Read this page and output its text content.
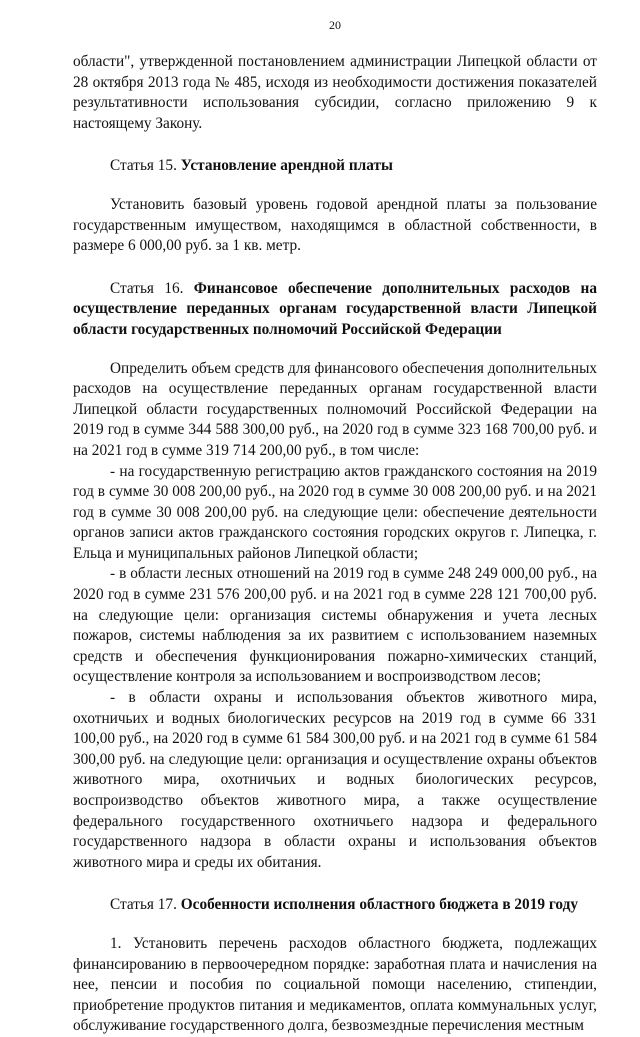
20

области", утвержденной постановлением администрации Липецкой области от 28 октября 2013 года № 485, исходя из необходимости достижения показателей результативности использования субсидии, согласно приложению 9 к настоящему Закону.

Статья 15. Установление арендной платы

Установить базовый уровень годовой арендной платы за пользование государственным имуществом, находящимся в областной собственности, в размере 6 000,00 руб. за 1 кв. метр.

Статья 16. Финансовое обеспечение дополнительных расходов на осуществление переданных органам государственной власти Липецкой области государственных полномочий Российской Федерации

Определить объем средств для финансового обеспечения дополнительных расходов на осуществление переданных органам государственной власти Липецкой области государственных полномочий Российской Федерации на 2019 год в сумме 344 588 300,00 руб., на 2020 год в сумме 323 168 700,00 руб. и на 2021 год в сумме 319 714 200,00 руб., в том числе:

- на государственную регистрацию актов гражданского состояния на 2019 год в сумме 30 008 200,00 руб., на 2020 год в сумме 30 008 200,00 руб. и на 2021 год в сумме 30 008 200,00 руб. на следующие цели: обеспечение деятельности органов записи актов гражданского состояния городских округов г. Липецка, г. Ельца и муниципальных районов Липецкой области;
- в области лесных отношений на 2019 год в сумме 248 249 000,00 руб., на 2020 год в сумме 231 576 200,00 руб. и на 2021 год в сумме 228 121 700,00 руб. на следующие цели: организация системы обнаружения и учета лесных пожаров, системы наблюдения за их развитием с использованием наземных средств и обеспечения функционирования пожарно-химических станций, осуществление контроля за использованием и воспроизводством лесов;
- в области охраны и использования объектов животного мира, охотничьих и водных биологических ресурсов на 2019 год в сумме 66 331 100,00 руб., на 2020 год в сумме 61 584 300,00 руб. и на 2021 год в сумме 61 584 300,00 руб. на следующие цели: организация и осуществление охраны объектов животного мира, охотничьих и водных биологических ресурсов, воспроизводство объектов животного мира, а также осуществление федерального государственного охотничьего надзора и федерального государственного надзора в области охраны и использования объектов животного мира и среды их обитания.

Статья 17. Особенности исполнения областного бюджета в 2019 году

1. Установить перечень расходов областного бюджета, подлежащих финансированию в первоочередном порядке: заработная плата и начисления на нее, пенсии и пособия по социальной помощи населению, стипендии, приобретение продуктов питания и медикаментов, оплата коммунальных услуг, обслуживание государственного долга, безвозмездные перечисления местным
